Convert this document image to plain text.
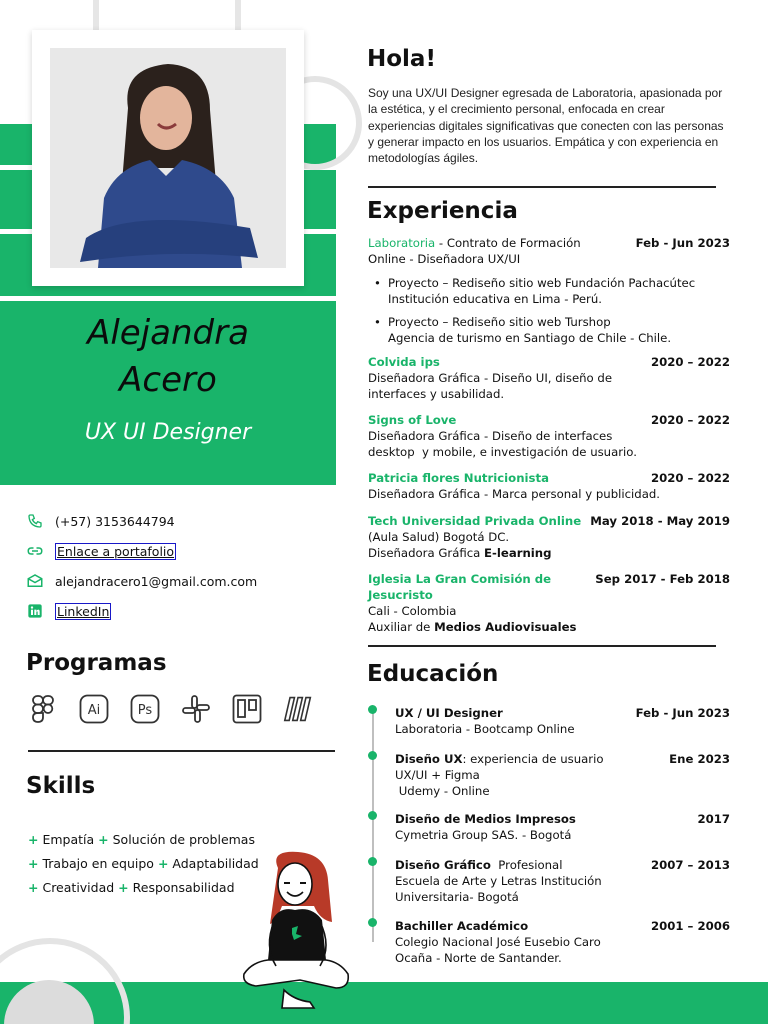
Alejandra
Acero
UX UI Designer
(+57) 3153644794
Enlace a portafolio
alejandracero1@gmail.com.com
LinkedIn
Programas
Ai	Ps
Skills
+ Empatía + Solución de problemas
+ Trabajo en equipo + Adaptabilidad
+ Creatividad + Responsabilidad
Hola!
Soy una UX/UI Designer egresada de Laboratoria, apasionada por la estética, y el crecimiento personal, enfocada en crear experiencias digitales significativas que conecten con las personas y generar impacto en los usuarios. Empática y con experiencia en metodologías ágiles.
Experiencia
Laboratoria - Contrato de Formación
Online - Diseñadora UX/UI
Feb - Jun 2023
• Proyecto – Rediseño sitio web Fundación Pachacútec
Institución educativa en Lima - Perú.
• Proyecto – Rediseño sitio web Turshop
Agencia de turismo en Santiago de Chile - Chile.
Colvida ips	2020 – 2022
Diseñadora Gráfica - Diseño UI, diseño de
interfaces y usabilidad.
Signs of Love	2020 – 2022
Diseñadora Gráfica - Diseño de interfaces
desktop  y mobile, e investigación de usuario.
Patricia flores Nutricionista	2020 – 2022
Diseñadora Gráfica - Marca personal y publicidad.
Tech Universidad Privada Online May 2018 - May 2019
(Aula Salud) Bogotá DC.
Diseñadora Gráfica E-learning
Iglesia La Gran Comisión de
Jesucristo
Sep 2017 - Feb 2018
Cali - Colombia
Auxiliar de Medios Audiovisuales
Educación
UX / UI Designer	Feb - Jun 2023
Laboratoria - Bootcamp Online
Diseño UX: experiencia de usuario	Ene 2023
UX/UI + Figma
Udemy - Online
Diseño de Medios Impresos	2017
Cymetria Group SAS. - Bogotá
Diseño Gráfico  Profesional	2007 – 2013
Escuela de Arte y Letras Institución
Universitaria- Bogotá
Bachiller Académico	2001 – 2006
Colegio Nacional José Eusebio Caro
Ocaña - Norte de Santander.
